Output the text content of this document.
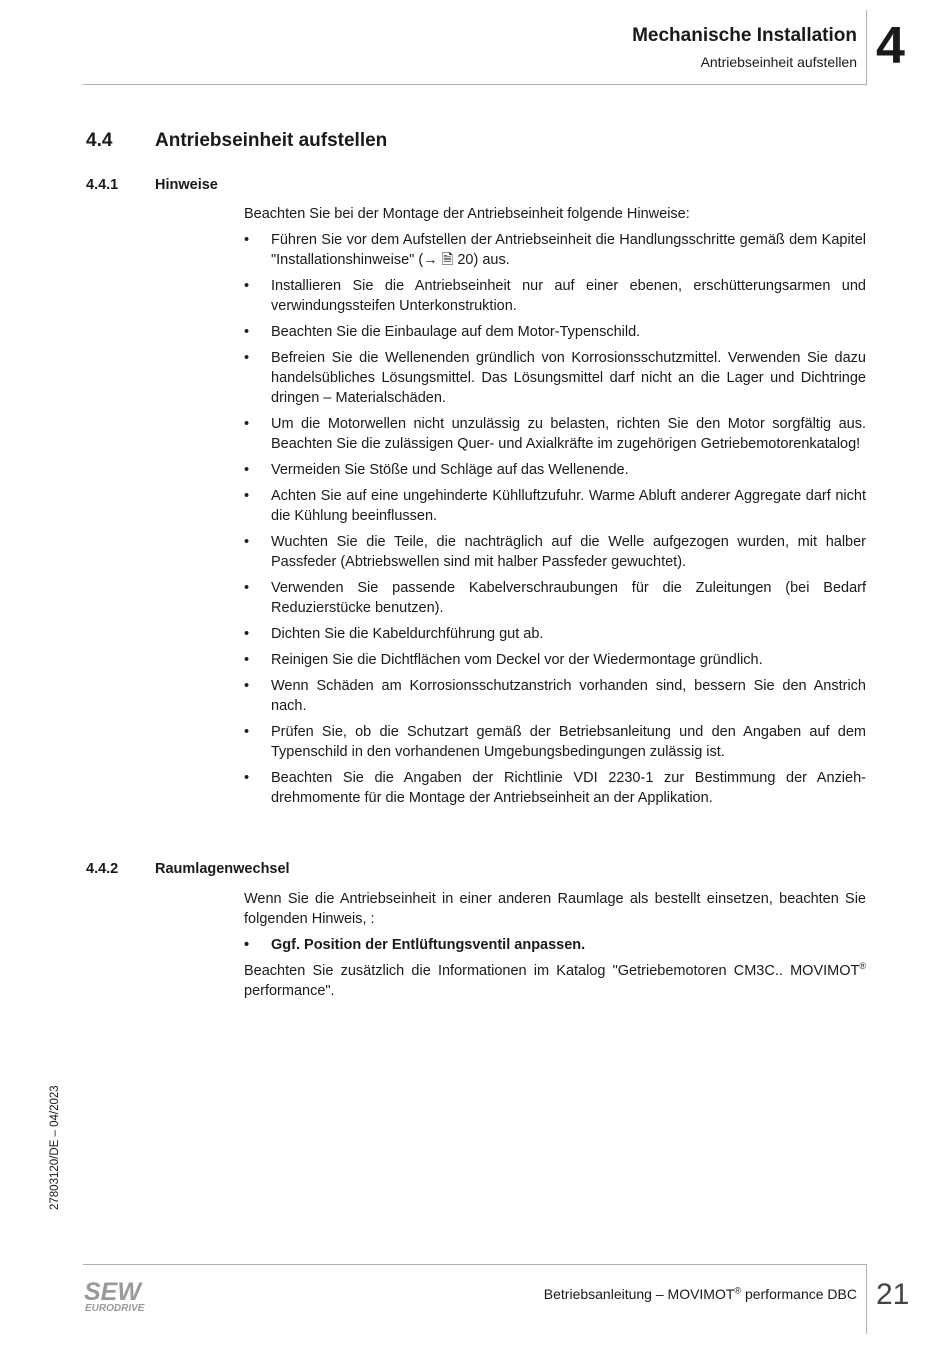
Mechanische Installation
Antriebseinheit aufstellen 4
4.4 Antriebseinheit aufstellen
4.4.1	Hinweise

Beachten Sie bei der Montage der Antriebseinheit folgende Hinweise:

• Führen Sie vor dem Aufstellen der Antriebseinheit die Handlungsschritte gemäß dem Kapitel "Installationshinweise" (→ 🗎 20) aus.
• Installieren Sie die Antriebseinheit nur auf einer ebenen, erschütterungsarmen und verwindungssteifen Unterkonstruktion.
• Beachten Sie die Einbaulage auf dem Motor-Typenschild.
• Befreien Sie die Wellenenden gründlich von Korrosionsschutzmittel. Verwenden Sie dazu handelsübliches Lösungsmittel. Das Lösungsmittel darf nicht an die Lager und Dichtringe dringen – Materialschäden.
• Um die Motorwellen nicht unzulässig zu belasten, richten Sie den Motor sorgfältig aus. Beachten Sie die zulässigen Quer- und Axialkräfte im zugehörigen Getriebemotorenkatalog!
• Vermeiden Sie Stöße und Schläge auf das Wellenende.
• Achten Sie auf eine ungehinderte Kühlluftzufuhr. Warme Abluft anderer Aggregate darf nicht die Kühlung beeinflussen.
• Wuchten Sie die Teile, die nachträglich auf die Welle aufgezogen wurden, mit halber Passfeder (Abtriebswellen sind mit halber Passfeder gewuchtet).
• Verwenden Sie passende Kabelverschraubungen für die Zuleitungen (bei Bedarf Reduzierstücke benutzen).
• Dichten Sie die Kabeldurchführung gut ab.
• Reinigen Sie die Dichtflächen vom Deckel vor der Wiedermontage gründlich.
• Wenn Schäden am Korrosionsschutzanstrich vorhanden sind, bessern Sie den Anstrich nach.
• Prüfen Sie, ob die Schutzart gemäß der Betriebsanleitung und den Angaben auf dem Typenschild in den vorhandenen Umgebungsbedingungen zulässig ist.
• Beachten Sie die Angaben der Richtlinie VDI 2230-1 zur Bestimmung der Anziehdrehmomente für die Montage der Antriebseinheit an der Applikation.
4.4.2	Raumlagenwechsel

Wenn Sie die Antriebseinheit in einer anderen Raumlage als bestellt einsetzen, beachten Sie folgenden Hinweis, :

• Ggf. Position der Entlüftungsventil anpassen.

Beachten Sie zusätzlich die Informationen im Katalog "Getriebemotoren CM3C.. MOVIMOT® performance".

27803120/DE – 04/2023
SEW
EURODRIVE
Betriebsanleitung – MOVIMOT® performance DBC 21
